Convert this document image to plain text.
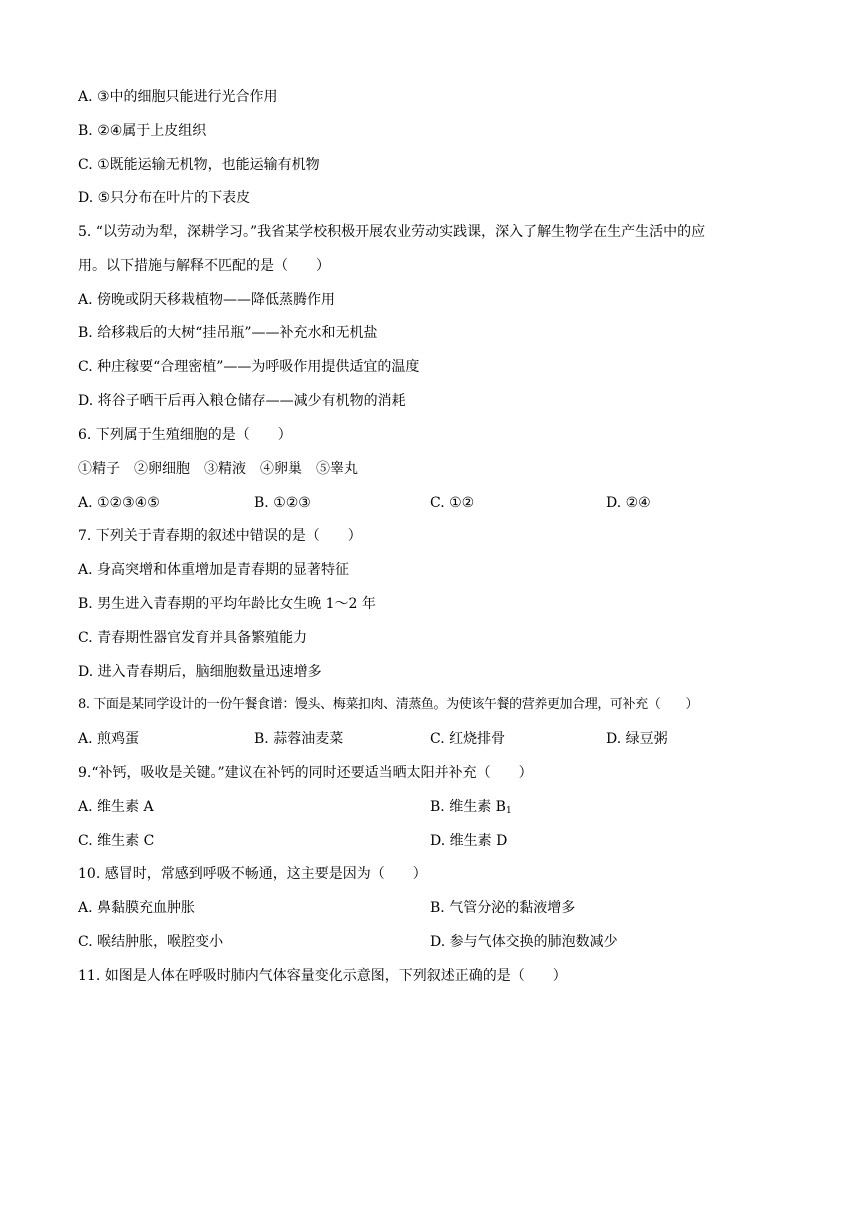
A. ③中的细胞只能进行光合作用
B. ②④属于上皮组织
C. ①既能运输无机物，也能运输有机物
D. ⑤只分布在叶片的下表皮
5. “以劳动为犁，深耕学习。”我省某学校积极开展农业劳动实践课，深入了解生物学在生产生活中的应
用。以下措施与解释不匹配的是（　　）
A. 傍晚或阴天移栽植物——降低蒸腾作用
B. 给移栽后的大树“挂吊瓶”——补充水和无机盐
C. 种庄稼要“合理密植”——为呼吸作用提供适宜的温度
D. 将谷子晒干后再入粮仓储存——减少有机物的消耗
6. 下列属于生殖细胞的是（　　）
①精子　②卵细胞　③精液　④卵巢　⑤睾丸
A. ①②③④⑤	B. ①②③	C. ①②	D. ②④
7. 下列关于青春期的叙述中错误的是（　　）
A. 身高突增和体重增加是青春期的显著特征
B. 男生进入青春期的平均年龄比女生晚 1～2 年
C. 青春期性器官发育并具备繁殖能力
D. 进入青春期后，脑细胞数量迅速增多
8. 下面是某同学设计的一份午餐食谱：馒头、梅菜扣肉、清蒸鱼。为使该午餐的营养更加合理，可补充（　　）
A. 煎鸡蛋	B. 蒜蓉油麦菜	C. 红烧排骨	D. 绿豆粥
9.“补钙，吸收是关键。”建议在补钙的同时还要适当晒太阳并补充（　　）
A. 维生素 A	B. 维生素 $B_1$
C. 维生素 C	D. 维生素 D
10. 感冒时，常感到呼吸不畅通，这主要是因为（　　）
A. 鼻黏膜充血肿胀	B. 气管分泌的黏液增多
C. 喉结肿胀，喉腔变小	D. 参与气体交换的肺泡数减少
11. 如图是人体在呼吸时肺内气体容量变化示意图，下列叙述正确的是（　　）
